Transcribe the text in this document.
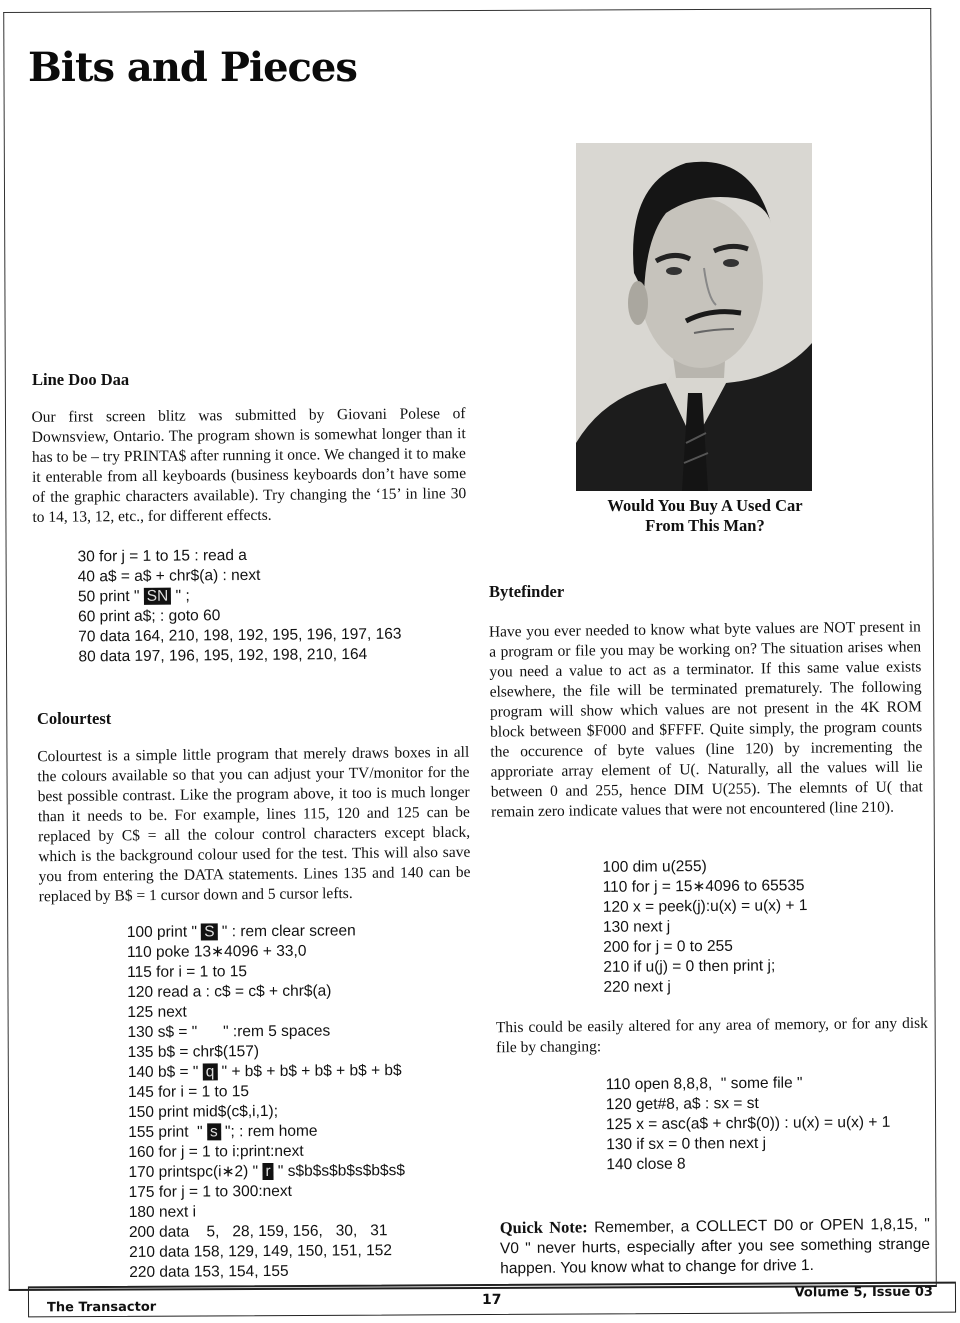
Bits and Pieces
Would You Buy A Used Car
From This Man?
Line Doo Daa

Our first screen blitz was submitted by Giovani Polese of Downsview, Ontario. The program shown is somewhat longer than it has to be – try PRINTA$ after running it once. We changed it to make it enterable from all keyboards (business keyboards don’t have some of the graphic characters available). Try changing the ‘15’ in line 30 to 14, 13, 12, etc., for different effects.

30 for j = 1 to 15 : read a
40 a$ = a$ + chr$(a) : next
50 print " SN " ;
60 print a$; : goto 60
70 data 164, 210, 198, 192, 195, 196, 197, 163
80 data 197, 196, 195, 192, 198, 210, 164
Colourtest

Colourtest is a simple little program that merely draws boxes in all the colours available so that you can adjust your TV/monitor for the best possible contrast. Like the program above, it too is much longer than it needs to be. For example, lines 115, 120 and 125 can be replaced by C$ = all the colour control characters except black, which is the background colour used for the test. This will also save you from entering the DATA statements. Lines 135 and 140 can be replaced by B$ = 1 cursor down and 5 cursor lefts.

100 print " S " : rem clear screen
110 poke 13∗4096 + 33,0
115 for i = 1 to 15
120 read a : c$ = c$ + chr$(a)
125 next
130 s$ = "      " :rem 5 spaces
135 b$ = chr$(157)
140 b$ = " q " + b$ + b$ + b$ + b$ + b$
145 for i = 1 to 15
150 print mid$(c$,i,1);
155 print  " s "; : rem home
160 for j = 1 to i:print:next
170 printspc(i∗2) " r " s$b$s$b$s$b$s$
175 for j = 1 to 300:next
180 next i
200 data    5,   28, 159, 156,   30,   31
210 data 158, 129, 149, 150, 151, 152
220 data 153, 154, 155
Bytefinder

Have you ever needed to know what byte values are NOT present in a program or file you may be working on? The situation arises when you need a value to act as a terminator. If this same value exists elsewhere, the file will be terminated prematurely. The following program will show which values are not present in the 4K ROM block between $F000 and $FFFF. Quite simply, the program counts the occurence of byte values (line 120) by incrementing the approriate array element of U(. Naturally, all the values will lie between 0 and 255, hence DIM U(255). The elemnts of U( that remain zero indicate values that were not encountered (line 210).

100 dim u(255)
110 for j = 15∗4096 to 65535
120 x = peek(j):u(x) = u(x) + 1
130 next j
200 for j = 0 to 255
210 if u(j) = 0 then print j;
220 next j

This could be easily altered for any area of memory, or for any disk file by changing:

110 open 8,8,8,  " some file "
120 get#8, a$ : sx = st
125 x = asc(a$ + chr$(0)) : u(x) = u(x) + 1
130 if sx = 0 then next j
140 close 8

Quick Note: Remember, a COLLECT D0 or OPEN 1,8,15, " V0 " never hurts, especially after you see something strange happen. You know what to change for drive 1.

The Transactor	17	Volume 5, Issue 03
